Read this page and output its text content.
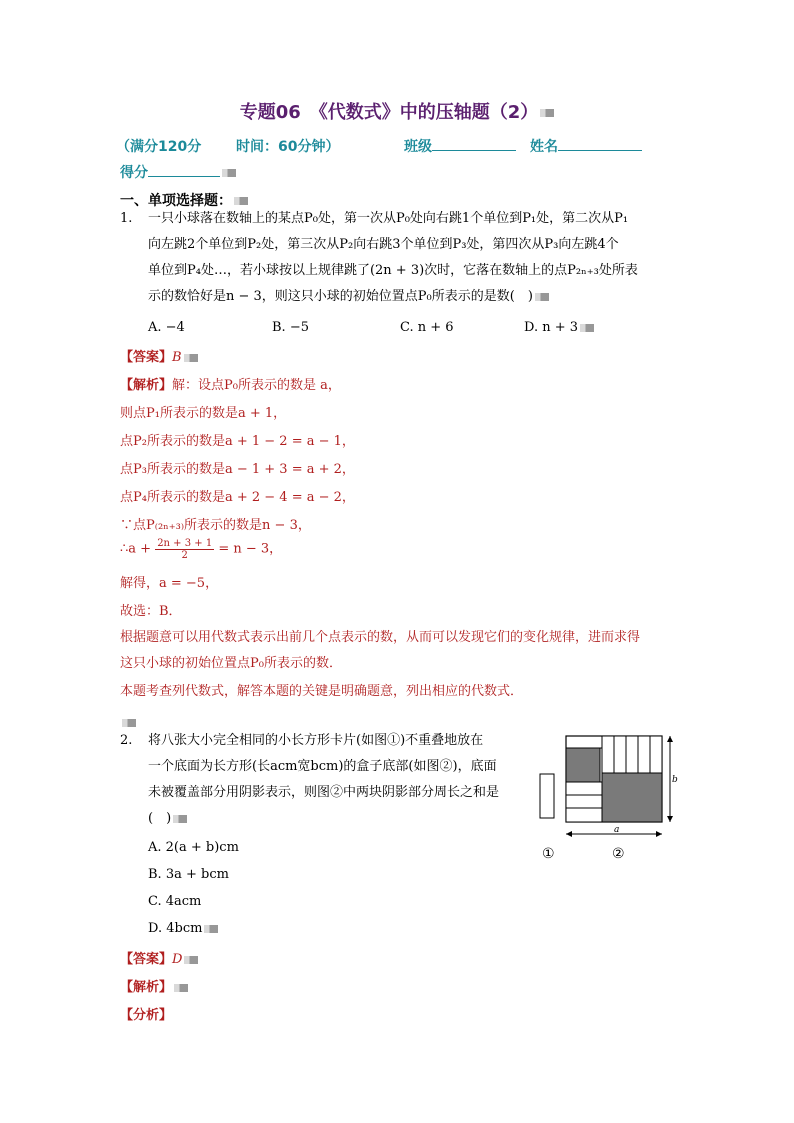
专题06　《代数式》中的压轴题（2）
（满分120分 时间：60分钟）	班级	姓名
得分
一、单项选择题：
1. 一只小球落在数轴上的某点P₀处，第一次从P₀处向右跳1个单位到P₁处，第二次从P₁
向左跳2个单位到P₂处，第三次从P₂向右跳3个单位到P₃处，第四次从P₃向左跳4个
单位到P₄处…，若小球按以上规律跳了(2n + 3)次时，它落在数轴上的点P₂ₙ₊₃处所表
示的数恰好是n − 3，则这只小球的初始位置点P₀所表示的是数(　)
A. −4	B. −5	C. n + 6	D. n + 3
【答案】B
【解析】解：设点P₀所表示的数是 a，
则点P₁所表示的数是a + 1，
点P₂所表示的数是a + 1 − 2 = a − 1，
点P₃所表示的数是a − 1 + 3 = a + 2，
点P₄所表示的数是a + 2 − 4 = a − 2，
∵点P₍₂ₙ₊₃₎所表示的数是n − 3，
∴a + $\frac{2n + 3 + 1}{2} = n - 3$，
解得，a = −5，
故选：B．
根据题意可以用代数式表示出前几个点表示的数，从而可以发现它们的变化规律，进而求得
这只小球的初始位置点P₀所表示的数．
本题考查列代数式，解答本题的关键是明确题意，列出相应的代数式．
2. 将八张大小完全相同的小长方形卡片(如图①)不重叠地放在
一个底面为长方形(长acm宽bcm)的盒子底部(如图②)，底面
未被覆盖部分用阴影表示，则图②中两块阴影部分周长之和是
(　)
A. 2(a + b)cm
B. 3a + bcm
C. 4acm
D. 4bcm
【答案】D
【解析】
【分析】
a
b
①	②
